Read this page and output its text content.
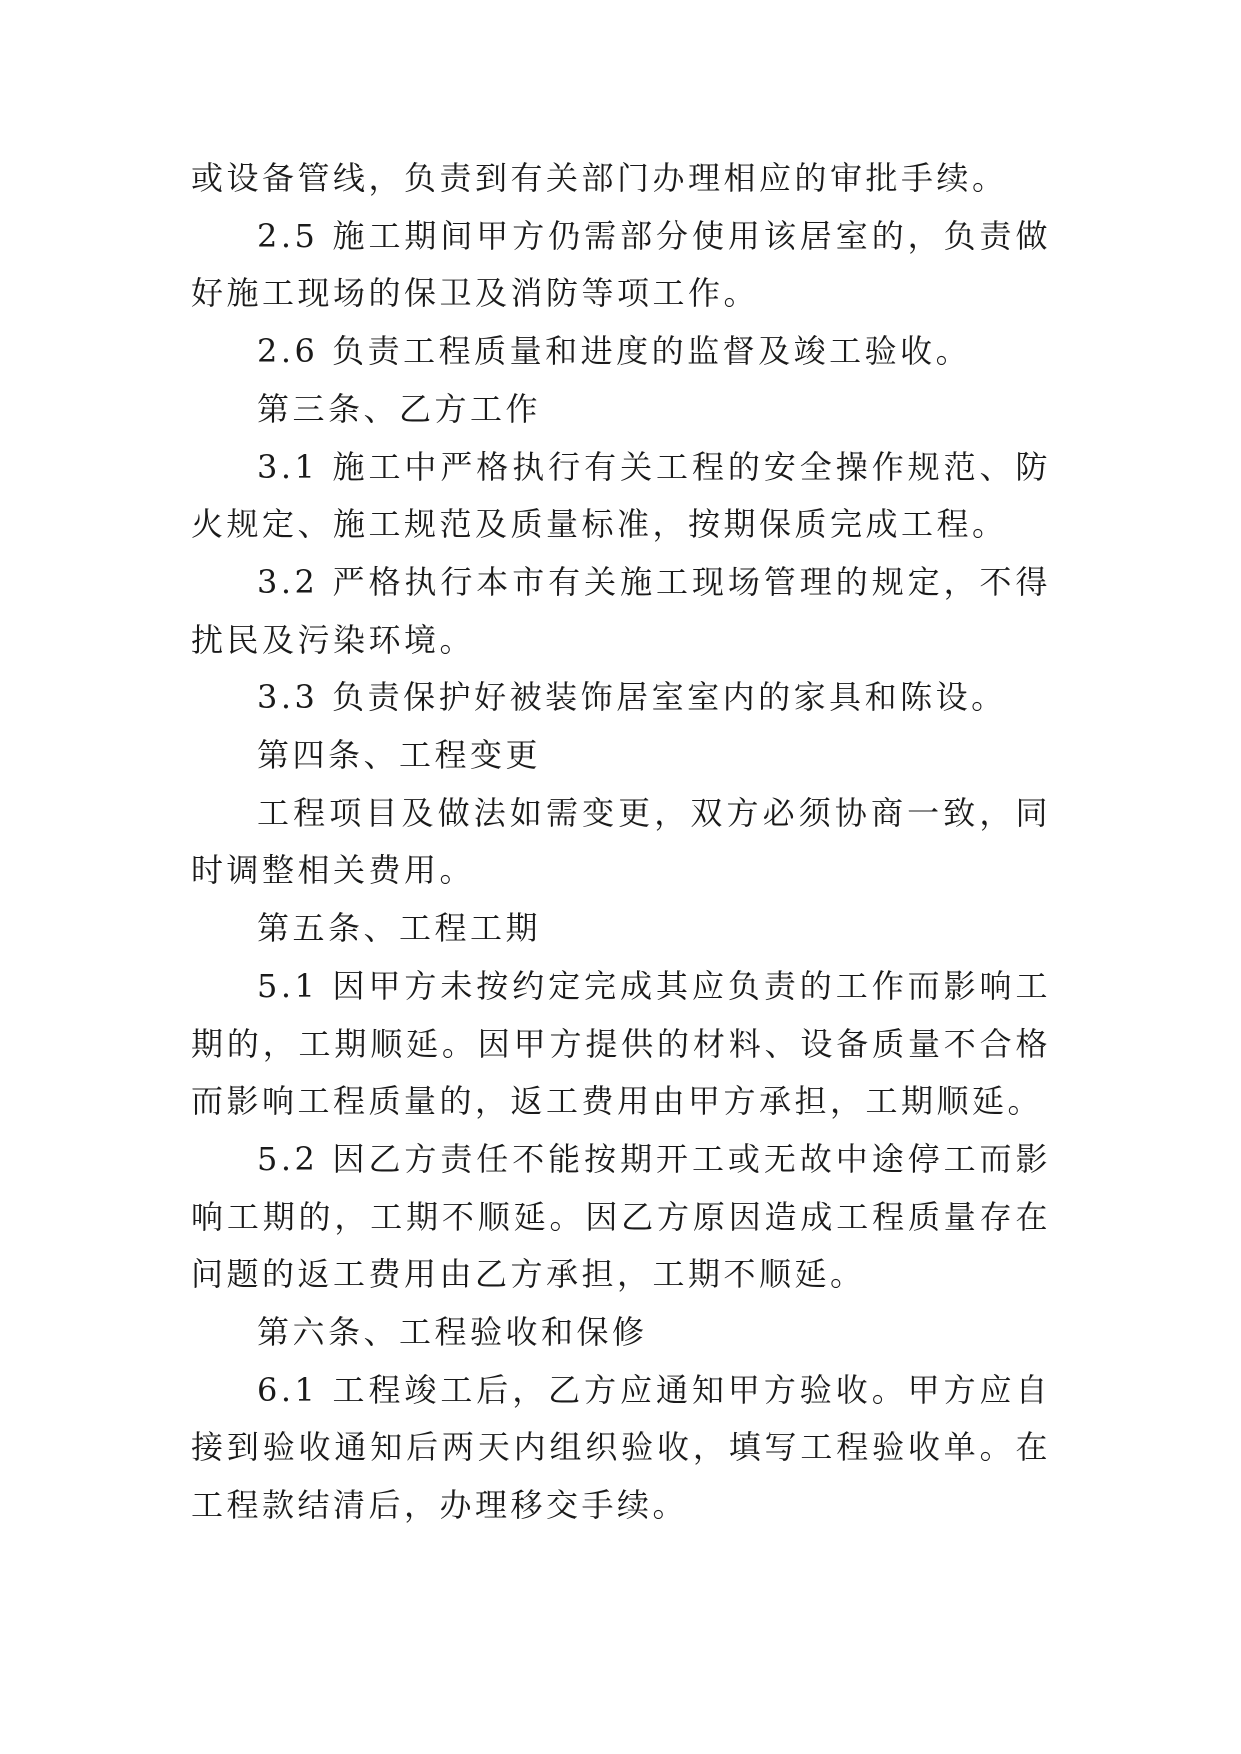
或设备管线，负责到有关部门办理相应的审批手续。

2.5 施工期间甲方仍需部分使用该居室的，负责做好施工现场的保卫及消防等项工作。

2.6 负责工程质量和进度的监督及竣工验收。

第三条、乙方工作

3.1 施工中严格执行有关工程的安全操作规范、防火规定、施工规范及质量标准，按期保质完成工程。

3.2 严格执行本市有关施工现场管理的规定，不得扰民及污染环境。

3.3 负责保护好被装饰居室室内的家具和陈设。

第四条、工程变更

工程项目及做法如需变更，双方必须协商一致，同时调整相关费用。

第五条、工程工期

5.1 因甲方未按约定完成其应负责的工作而影响工期的，工期顺延。因甲方提供的材料、设备质量不合格而影响工程质量的，返工费用由甲方承担，工期顺延。

5.2 因乙方责任不能按期开工或无故中途停工而影响工期的，工期不顺延。因乙方原因造成工程质量存在问题的返工费用由乙方承担，工期不顺延。

第六条、工程验收和保修

6.1 工程竣工后，乙方应通知甲方验收。甲方应自接到验收通知后两天内组织验收，填写工程验收单。在工程款结清后，办理移交手续。
